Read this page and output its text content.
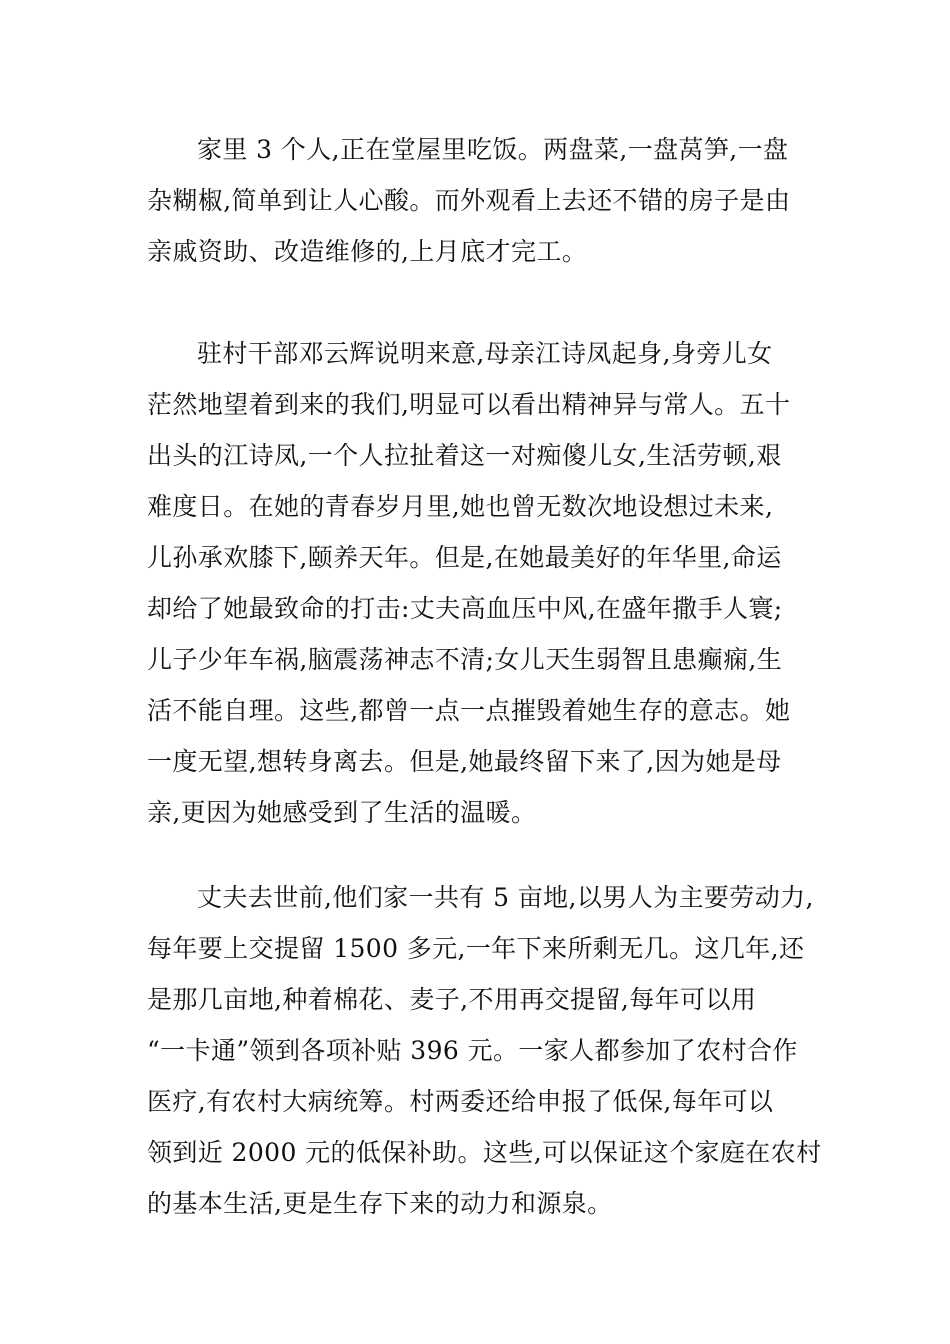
家里 3 个人,正在堂屋里吃饭。两盘菜,一盘莴笋,一盘
杂糊椒,简单到让人心酸。而外观看上去还不错的房子是由
亲戚资助、改造维修的,上月底才完工。
驻村干部邓云辉说明来意,母亲江诗凤起身,身旁儿女
茫然地望着到来的我们,明显可以看出精神异与常人。五十
出头的江诗凤,一个人拉扯着这一对痴傻儿女,生活劳顿,艰
难度日。在她的青春岁月里,她也曾无数次地设想过未来,
儿孙承欢膝下,颐养天年。但是,在她最美好的年华里,命运
却给了她最致命的打击:丈夫高血压中风,在盛年撒手人寰;
儿子少年车祸,脑震荡神志不清;女儿天生弱智且患癫痫,生
活不能自理。这些,都曾一点一点摧毁着她生存的意志。她
一度无望,想转身离去。但是,她最终留下来了,因为她是母
亲,更因为她感受到了生活的温暖。
丈夫去世前,他们家一共有 5 亩地,以男人为主要劳动力,
每年要上交提留 1500 多元,一年下来所剩无几。这几年,还
是那几亩地,种着棉花、麦子,不用再交提留,每年可以用
“一卡通”领到各项补贴 396 元。一家人都参加了农村合作
医疗,有农村大病统筹。村两委还给申报了低保,每年可以
领到近 2000 元的低保补助。这些,可以保证这个家庭在农村
的基本生活,更是生存下来的动力和源泉。
